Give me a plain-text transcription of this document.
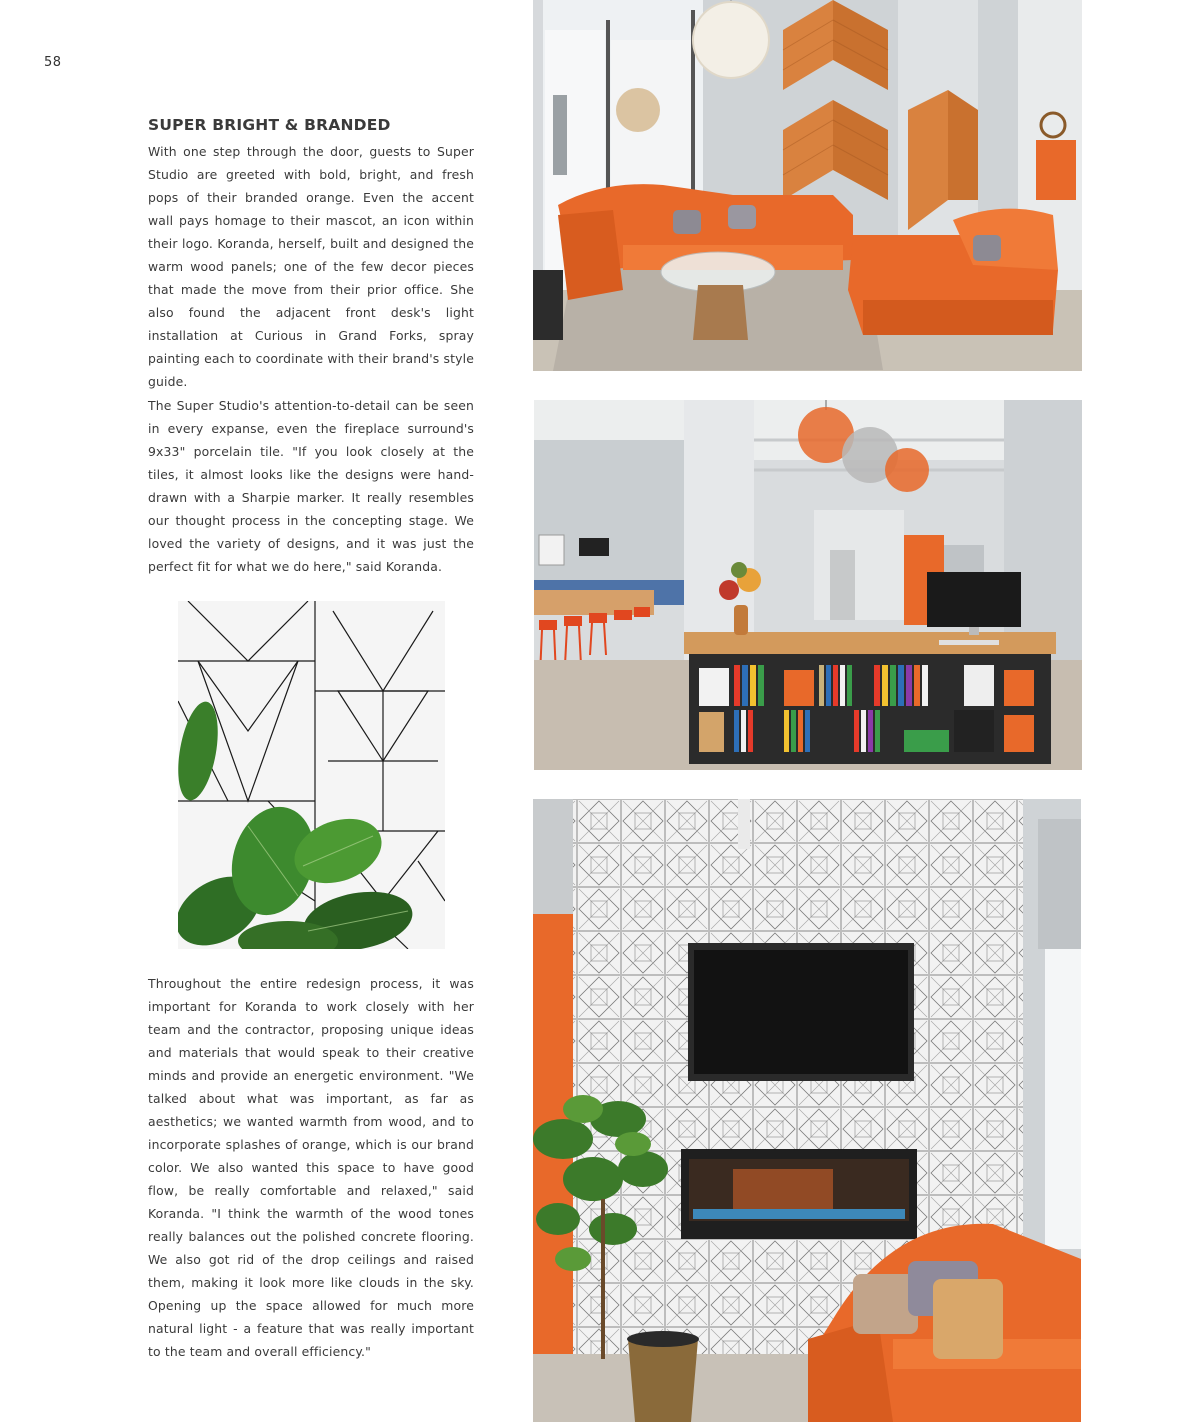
58
SUPER BRIGHT & BRANDED

With one step through the door, guests to Super Studio are greeted with bold, bright, and fresh pops of their branded orange. Even the accent wall pays homage to their mascot, an icon within their logo. Koranda, herself, built and designed the warm wood panels; one of the few decor pieces that made the move from their prior office. She also found the adjacent front desk's light installation at Curious in Grand Forks, spray painting each to coordinate with their brand's style guide.

The Super Studio's attention-to-detail can be seen in every expanse, even the fireplace surround's 9x33" porcelain tile. "If you look closely at the tiles, it almost looks like the designs were hand-drawn with a Sharpie marker. It really resembles our thought process in the concepting stage. We loved the variety of designs, and it was just the perfect fit for what we do here," said Koranda.

Throughout the entire redesign process, it was important for Koranda to work closely with her team and the contractor, proposing unique ideas and materials that would speak to their creative minds and provide an energetic environment. "We talked about what was important, as far as aesthetics; we wanted warmth from wood, and to incorporate splashes of orange, which is our brand color. We also wanted this space to have good flow, be really comfortable and relaxed," said Koranda. "I think the warmth of the wood tones really balances out the polished concrete flooring. We also got rid of the drop ceilings and raised them, making it look more like clouds in the sky. Opening up the space allowed for much more natural light - a feature that was really important to the team and overall efficiency."
